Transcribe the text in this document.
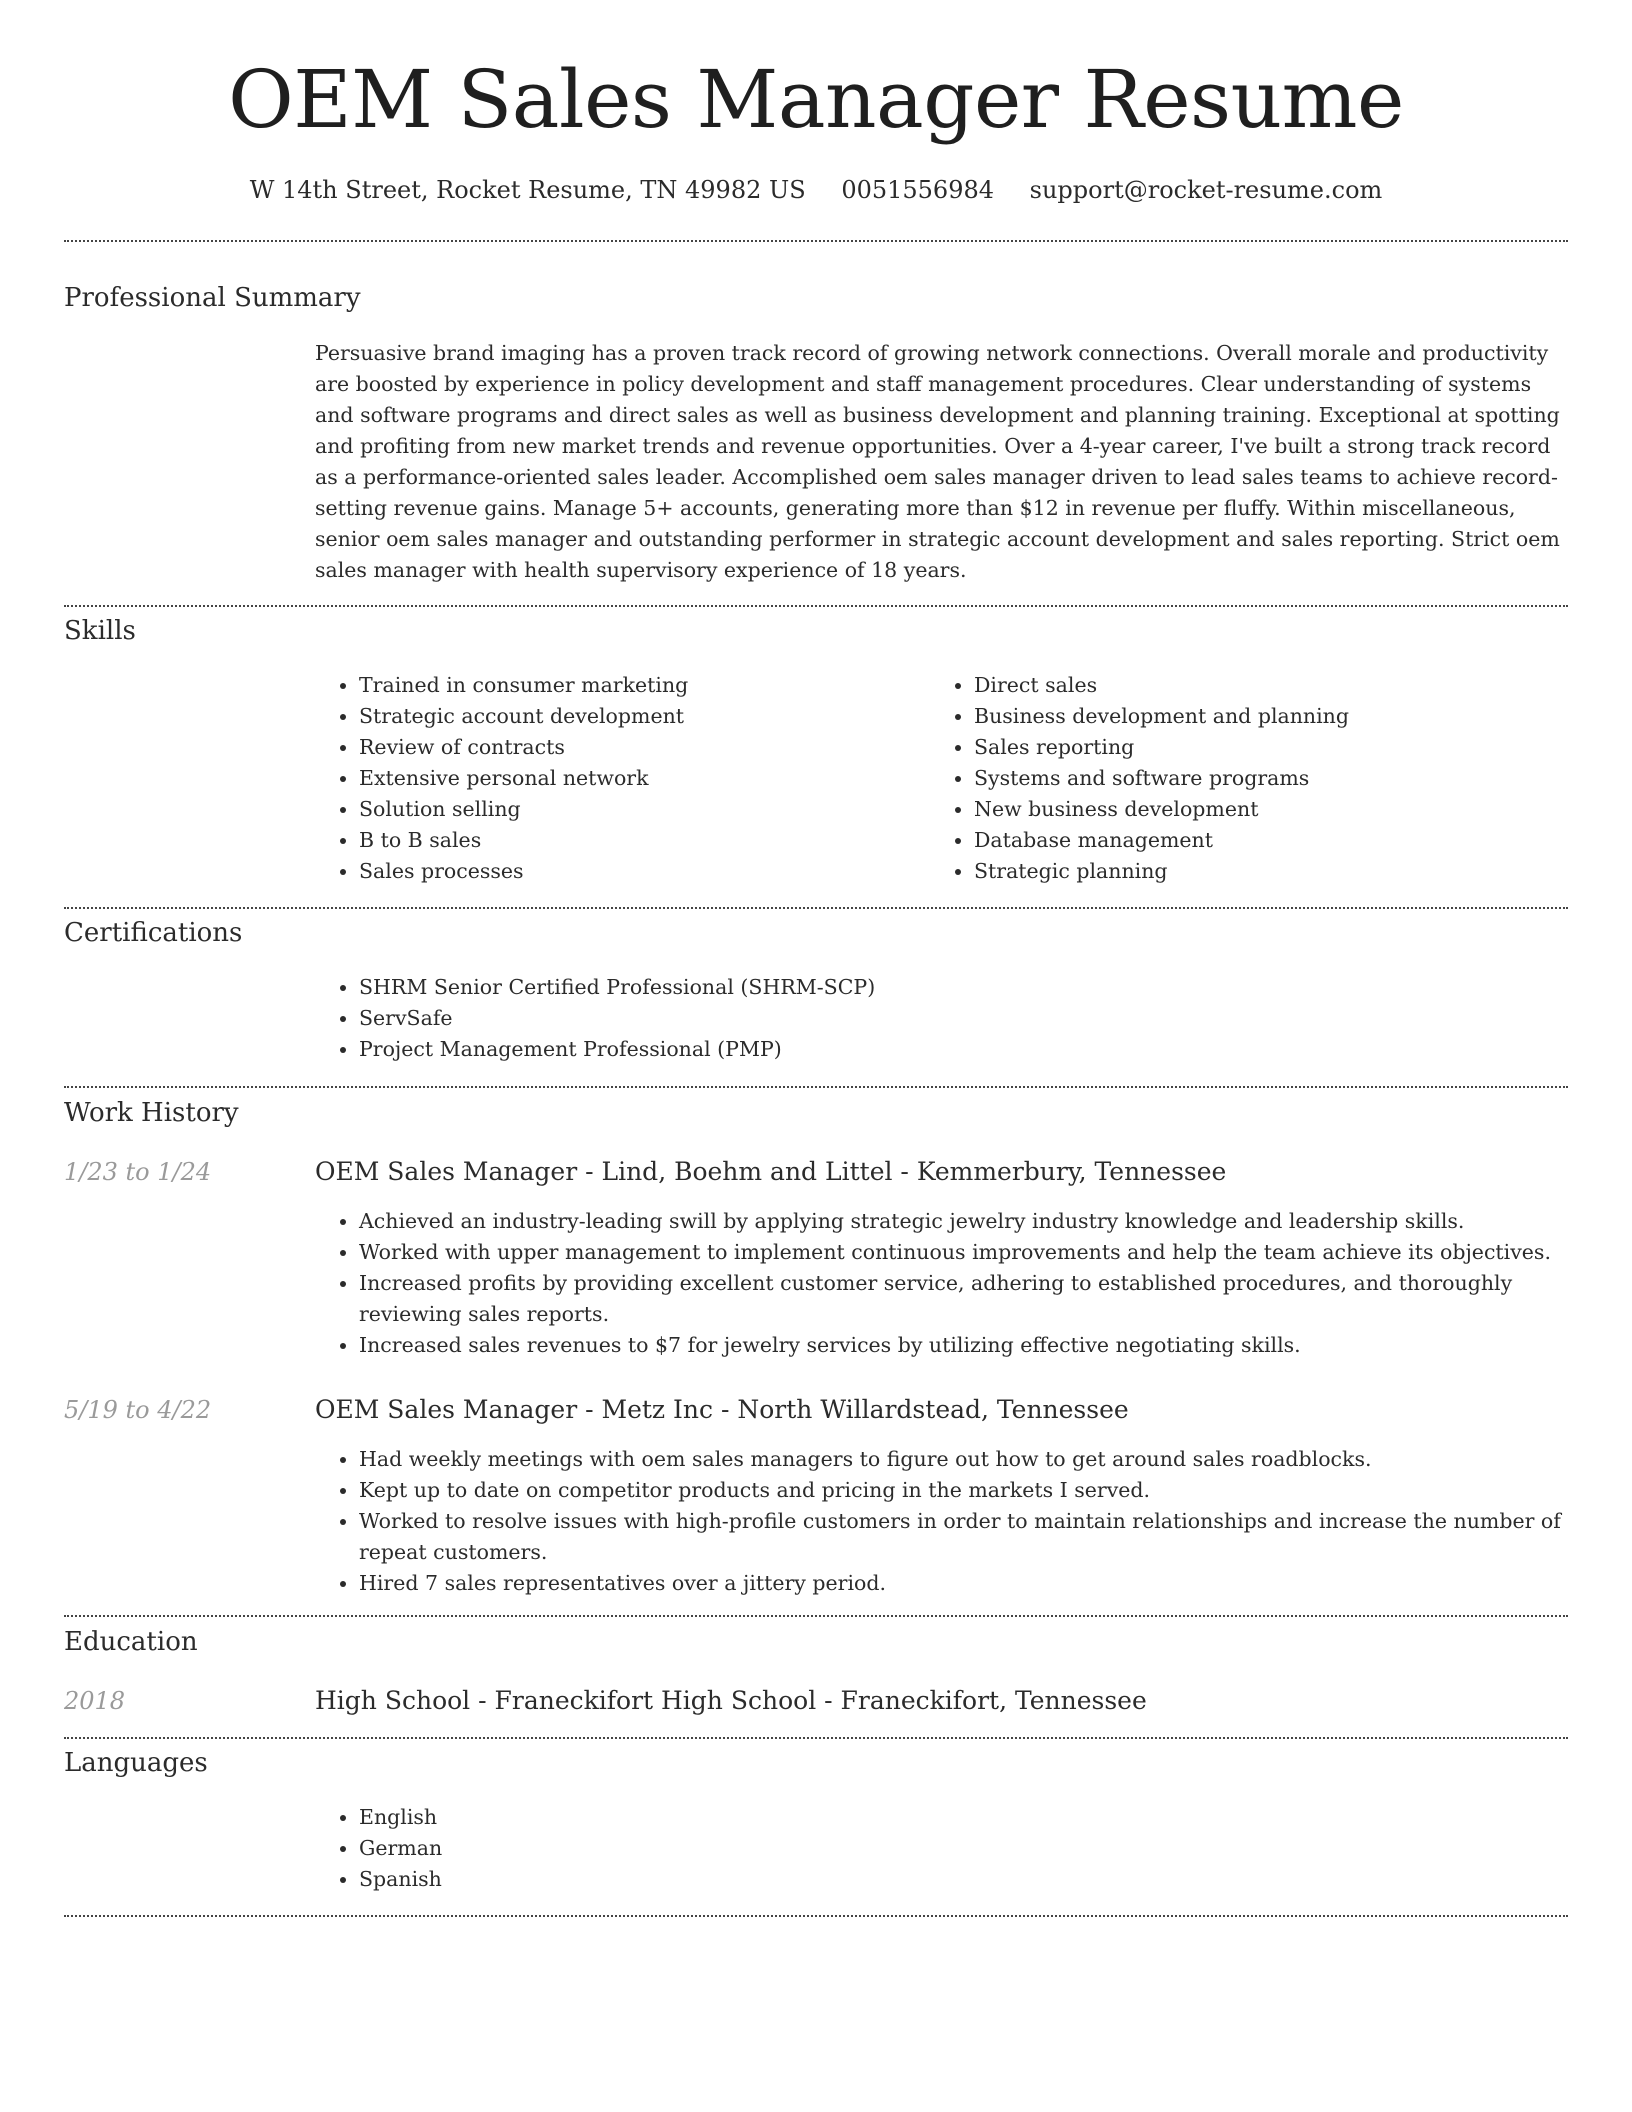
OEM Sales Manager Resume
W 14th Street, Rocket Resume, TN 49982 US 0051556984 support@rocket-resume.com
Professional Summary

Persuasive brand imaging has a proven track record of growing network connections. Overall morale and productivity are boosted by experience in policy development and staff management procedures. Clear understanding of systems and software programs and direct sales as well as business development and planning training. Exceptional at spotting and profiting from new market trends and revenue opportunities. Over a 4-year career, I've built a strong track record as a performance-oriented sales leader. Accomplished oem sales manager driven to lead sales teams to achieve record-setting revenue gains. Manage 5+ accounts, generating more than $12 in revenue per fluffy. Within miscellaneous, senior oem sales manager and outstanding performer in strategic account development and sales reporting. Strict oem sales manager with health supervisory experience of 18 years.

Skills
• Trained in consumer marketing
• Strategic account development
• Review of contracts
• Extensive personal network
• Solution selling
• B to B sales
• Sales processes
• Direct sales
• Business development and planning
• Sales reporting
• Systems and software programs
• New business development
• Database management
• Strategic planning
Certifications
• SHRM Senior Certified Professional (SHRM-SCP)
• ServSafe
• Project Management Professional (PMP)
Work History
1/23 to 1/24	OEM Sales Manager - Lind, Boehm and Littel - Kemmerbury, Tennessee
• Achieved an industry-leading swill by applying strategic jewelry industry knowledge and leadership skills.
• Worked with upper management to implement continuous improvements and help the team achieve its objectives.
• Increased profits by providing excellent customer service, adhering to established procedures, and thoroughly reviewing sales reports.
• Increased sales revenues to $7 for jewelry services by utilizing effective negotiating skills.
5/19 to 4/22	OEM Sales Manager - Metz Inc - North Willardstead, Tennessee
• Had weekly meetings with oem sales managers to figure out how to get around sales roadblocks.
• Kept up to date on competitor products and pricing in the markets I served.
• Worked to resolve issues with high-profile customers in order to maintain relationships and increase the number of repeat customers.
• Hired 7 sales representatives over a jittery period.
Education
2018	High School - Franeckifort High School - Franeckifort, Tennessee
Languages
• English
• German
• Spanish
